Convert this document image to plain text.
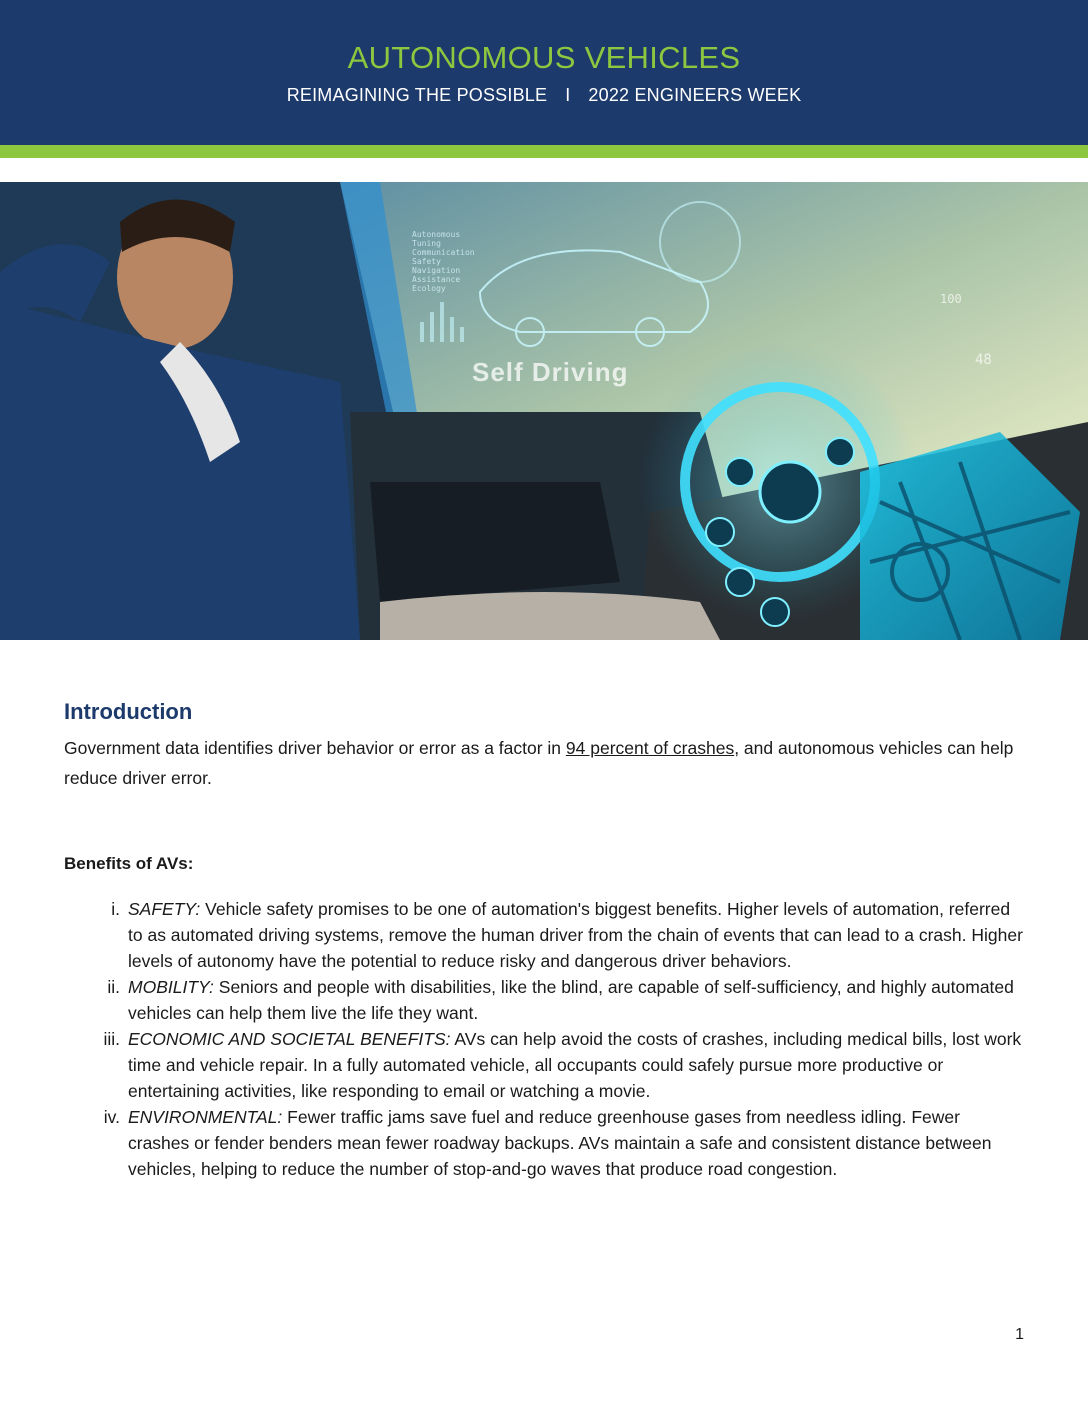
AUTONOMOUS VEHICLES
REIMAGINING THE POSSIBLE I 2022 ENGINEERS WEEK
Self Driving
Autonomous
Tuning
Communication
Safety
Navigation
Assistance
Ecology
100
48
Introduction
Government data identifies driver behavior or error as a factor in 94 percent of crashes, and autonomous vehicles can help reduce driver error.
Benefits of AVs:
i. SAFETY: Vehicle safety promises to be one of automation's biggest benefits. Higher levels of automation, referred to as automated driving systems, remove the human driver from the chain of events that can lead to a crash. Higher levels of autonomy have the potential to reduce risky and dangerous driver behaviors.
ii. MOBILITY: Seniors and people with disabilities, like the blind, are capable of self-sufficiency, and highly automated vehicles can help them live the life they want.
iii. ECONOMIC AND SOCIETAL BENEFITS: AVs can help avoid the costs of crashes, including medical bills, lost work time and vehicle repair. In a fully automated vehicle, all occupants could safely pursue more productive or entertaining activities, like responding to email or watching a movie.
iv. ENVIRONMENTAL: Fewer traffic jams save fuel and reduce greenhouse gases from needless idling. Fewer crashes or fender benders mean fewer roadway backups. AVs maintain a safe and consistent distance between vehicles, helping to reduce the number of stop-and-go waves that produce road congestion.
1
